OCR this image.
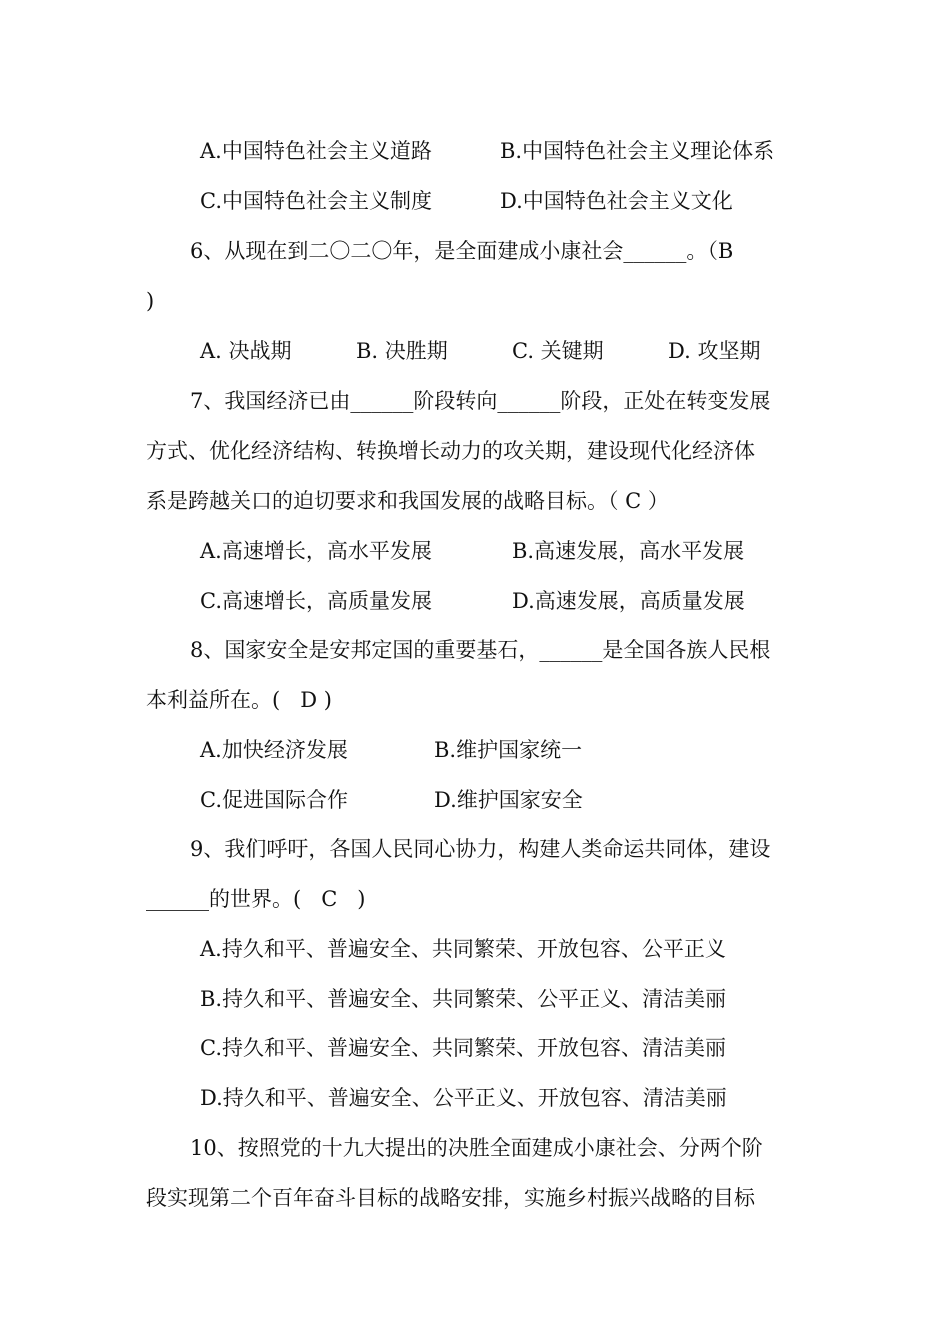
A.中国特色社会主义道路	B.中国特色社会主义理论体系
C.中国特色社会主义制度	D.中国特色社会主义文化
6、从现在到二〇二〇年，是全面建成小康社会______。（B
)
A. 决战期	B. 决胜期	C. 关键期	D. 攻坚期
7、我国经济已由______阶段转向______阶段，正处在转变发展
方式、优化经济结构、转换增长动力的攻关期，建设现代化经济体
系是跨越关口的迫切要求和我国发展的战略目标。（ C ）
A.高速增长，高水平发展	B.高速发展，高水平发展
C.高速增长，高质量发展	D.高速发展，高质量发展
8、国家安全是安邦定国的重要基石，______是全国各族人民根
本利益所在。(   D )
A.加快经济发展	B.维护国家统一
C.促进国际合作	D.维护国家安全
9、我们呼吁，各国人民同心协力，构建人类命运共同体，建设
______的世界。(   C   )
A.持久和平、普遍安全、共同繁荣、开放包容、公平正义
B.持久和平、普遍安全、共同繁荣、公平正义、清洁美丽
C.持久和平、普遍安全、共同繁荣、开放包容、清洁美丽
D.持久和平、普遍安全、公平正义、开放包容、清洁美丽
10、按照党的十九大提出的决胜全面建成小康社会、分两个阶
段实现第二个百年奋斗目标的战略安排，实施乡村振兴战略的目标
